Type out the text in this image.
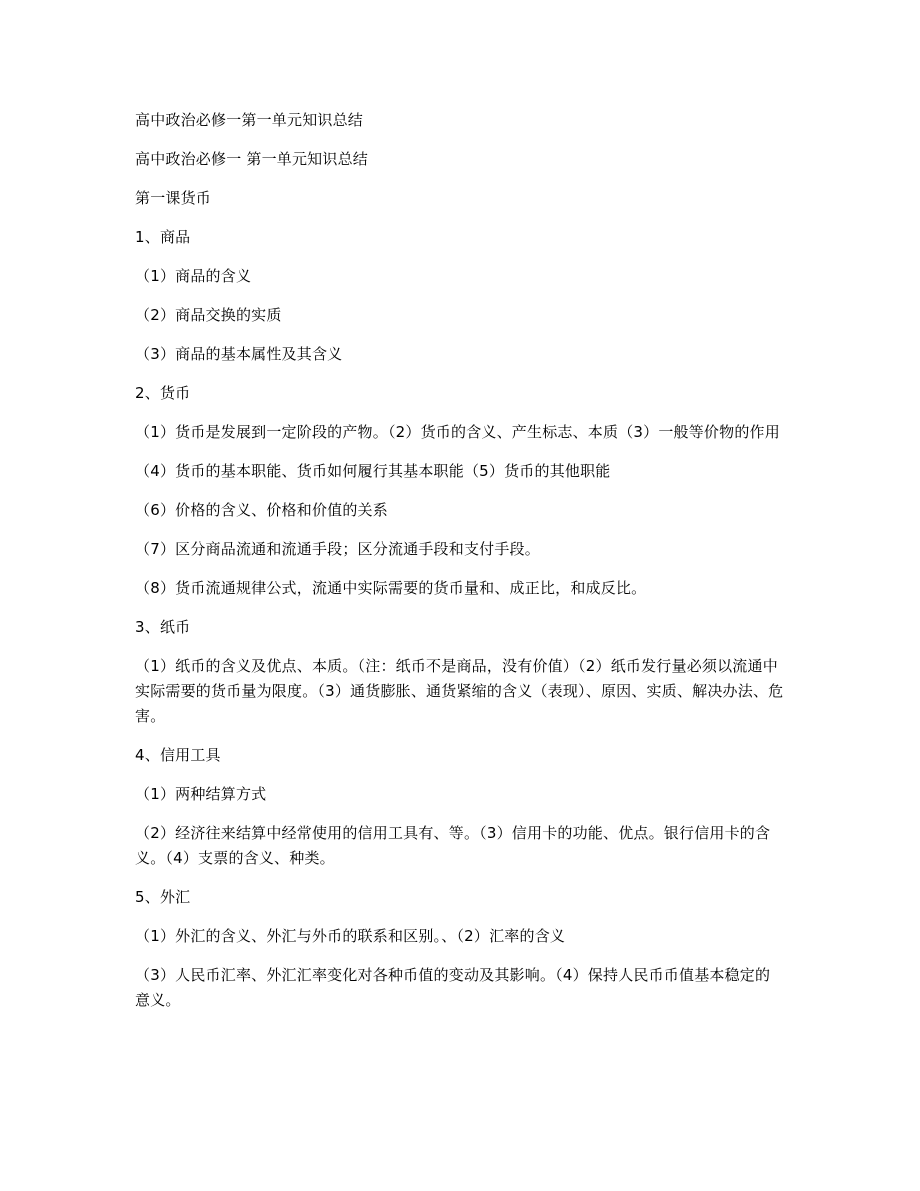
高中政治必修一第一单元知识总结

高中政治必修一 第一单元知识总结

第一课货币

1、商品

（1）商品的含义

（2）商品交换的实质

（3）商品的基本属性及其含义

2、货币

（1）货币是发展到一定阶段的产物。（2）货币的含义、产生标志、本质（3）一般等价物的作用

（4）货币的基本职能、货币如何履行其基本职能（5）货币的其他职能

（6）价格的含义、价格和价值的关系

（7）区分商品流通和流通手段；区分流通手段和支付手段。

（8）货币流通规律公式，流通中实际需要的货币量和、成正比，和成反比。

3、纸币

（1）纸币的含义及优点、本质。（注：纸币不是商品，没有价值）（2）纸币发行量必须以流通中实际需要的货币量为限度。（3）通货膨胀、通货紧缩的含义（表现）、原因、实质、解决办法、危害。

4、信用工具

（1）两种结算方式

（2）经济往来结算中经常使用的信用工具有、等。（3）信用卡的功能、优点。银行信用卡的含义。（4）支票的含义、种类。

5、外汇

（1）外汇的含义、外汇与外币的联系和区别。、（2）汇率的含义

（3）人民币汇率、外汇汇率变化对各种币值的变动及其影响。（4）保持人民币币值基本稳定的意义。
